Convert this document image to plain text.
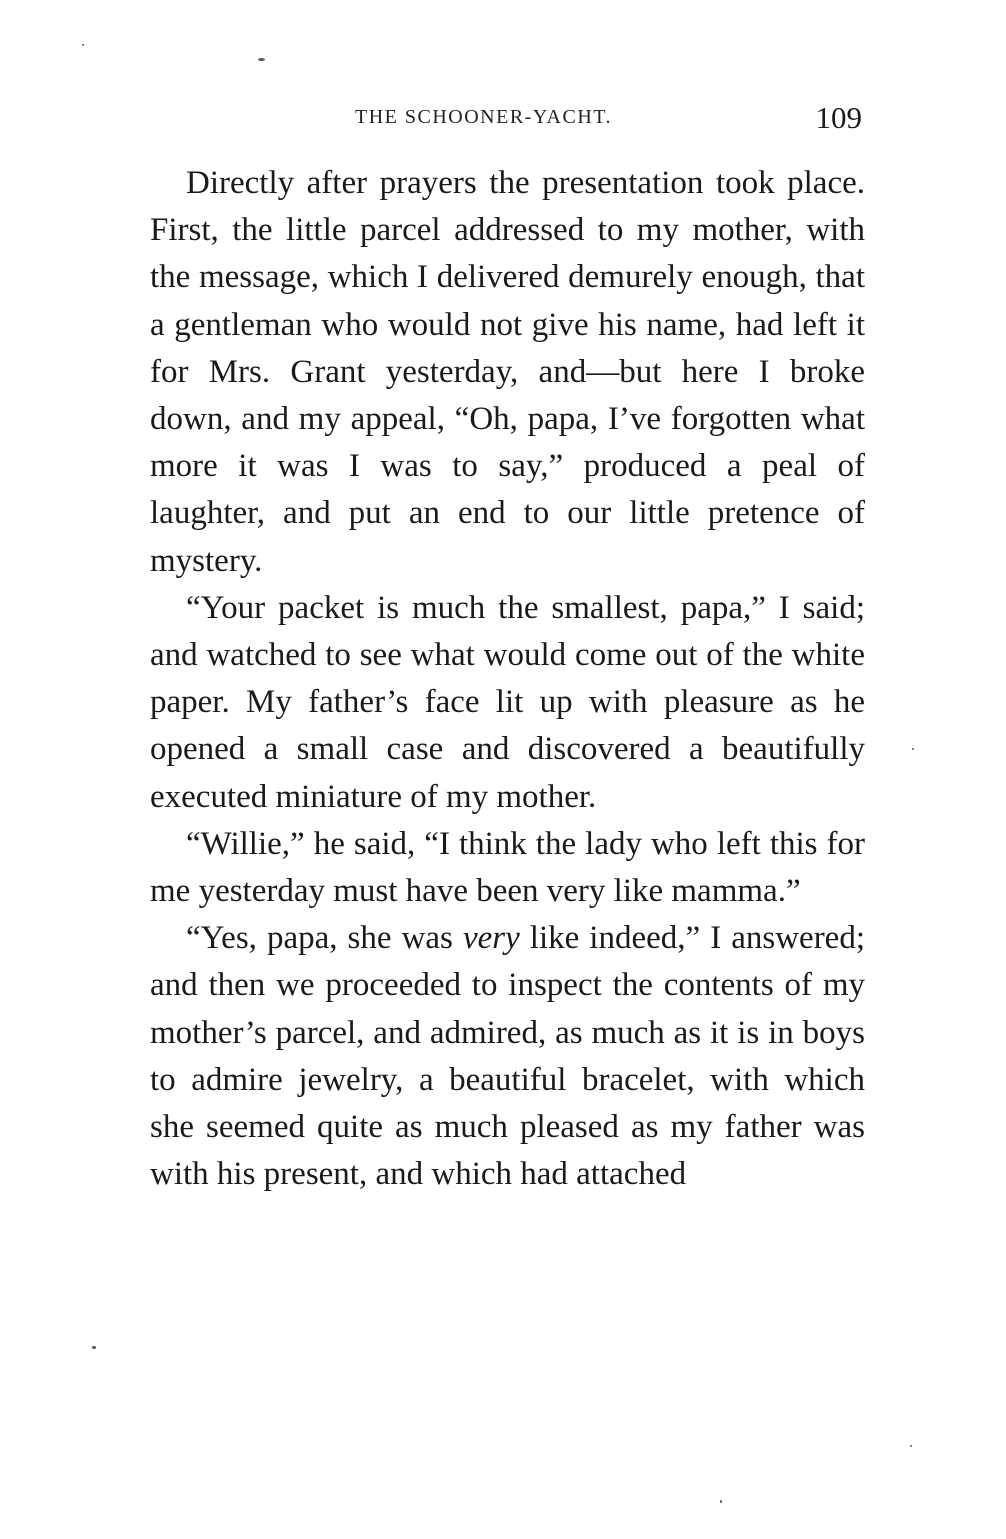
THE SCHOONER-YACHT.	109

Directly after prayers the presentation took place. First, the little parcel addressed to my mother, with the message, which I delivered demurely enough, that a gentleman who would not give his name, had left it for Mrs. Grant yesterday, and—but here I broke down, and my appeal, “Oh, papa, I’ve forgotten what more it was I was to say,” produced a peal of laughter, and put an end to our little pretence of mystery.

“Your packet is much the smallest, papa,” I said; and watched to see what would come out of the white paper. My father’s face lit up with pleasure as he opened a small case and discovered a beautifully executed miniature of my mother.

“Willie,” he said, “I think the lady who left this for me yesterday must have been very like mamma.”

“Yes, papa, she was very like indeed,” I answered; and then we proceeded to inspect the contents of my mother’s parcel, and admired, as much as it is in boys to admire jewelry, a beautiful bracelet, with which she seemed quite as much pleased as my father was with his present, and which had attached
